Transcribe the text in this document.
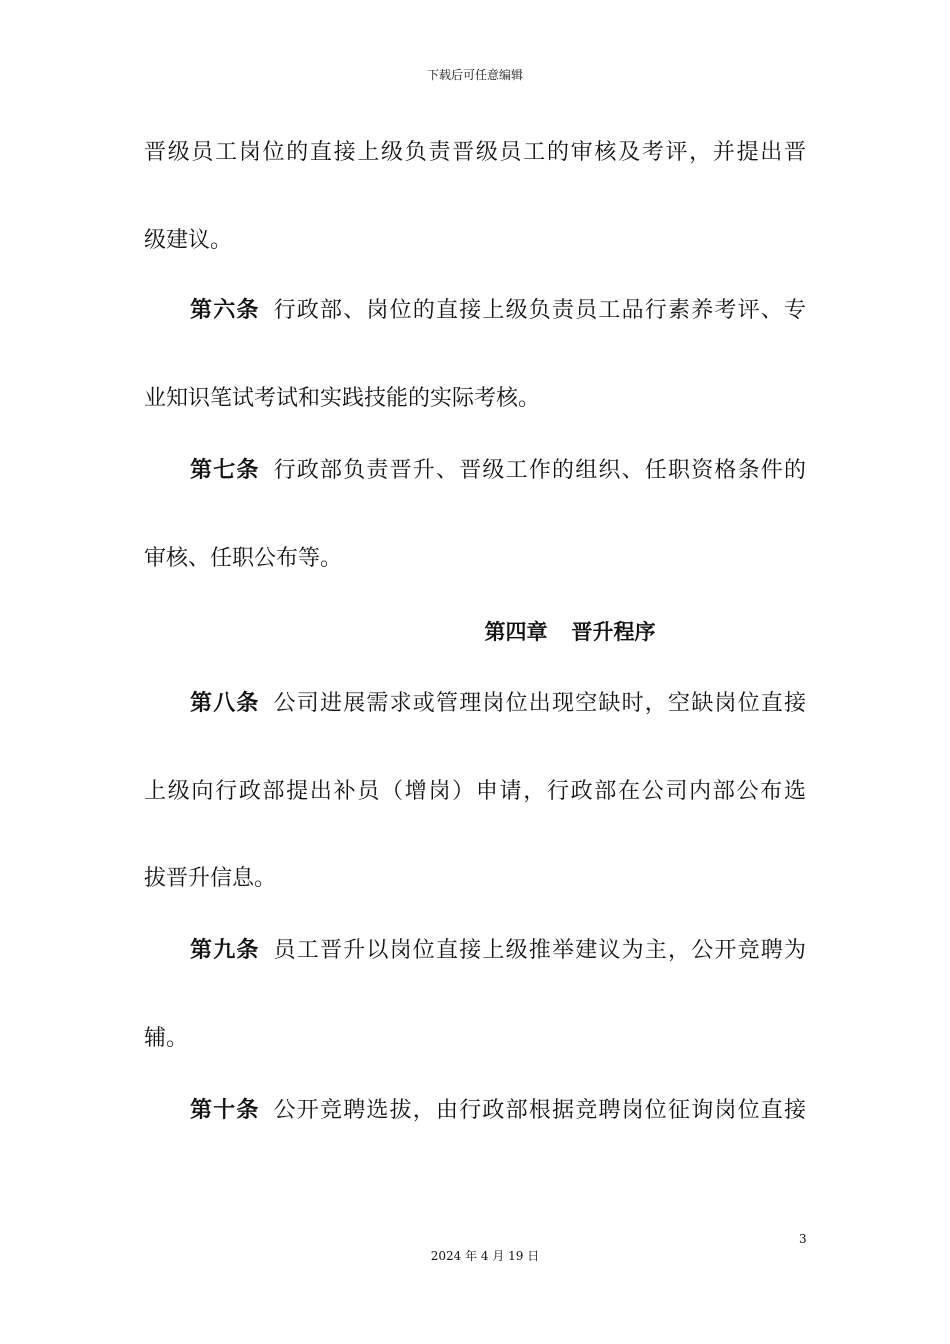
下载后可任意编辑
晋级员工岗位的直接上级负责晋级员工的审核及考评，并提出晋
级建议。
第六条 行政部、岗位的直接上级负责员工品行素养考评、专
业知识笔试考试和实践技能的实际考核。
第七条 行政部负责晋升、晋级工作的组织、任职资格条件的
审核、任职公布等。
第四章 晋升程序
第八条 公司进展需求或管理岗位出现空缺时，空缺岗位直接
上级向行政部提出补员（增岗）申请，行政部在公司内部公布选
拔晋升信息。
第九条 员工晋升以岗位直接上级推举建议为主，公开竞聘为
辅。
第十条 公开竞聘选拔，由行政部根据竞聘岗位征询岗位直接
3
2024 年 4 月 19 日
